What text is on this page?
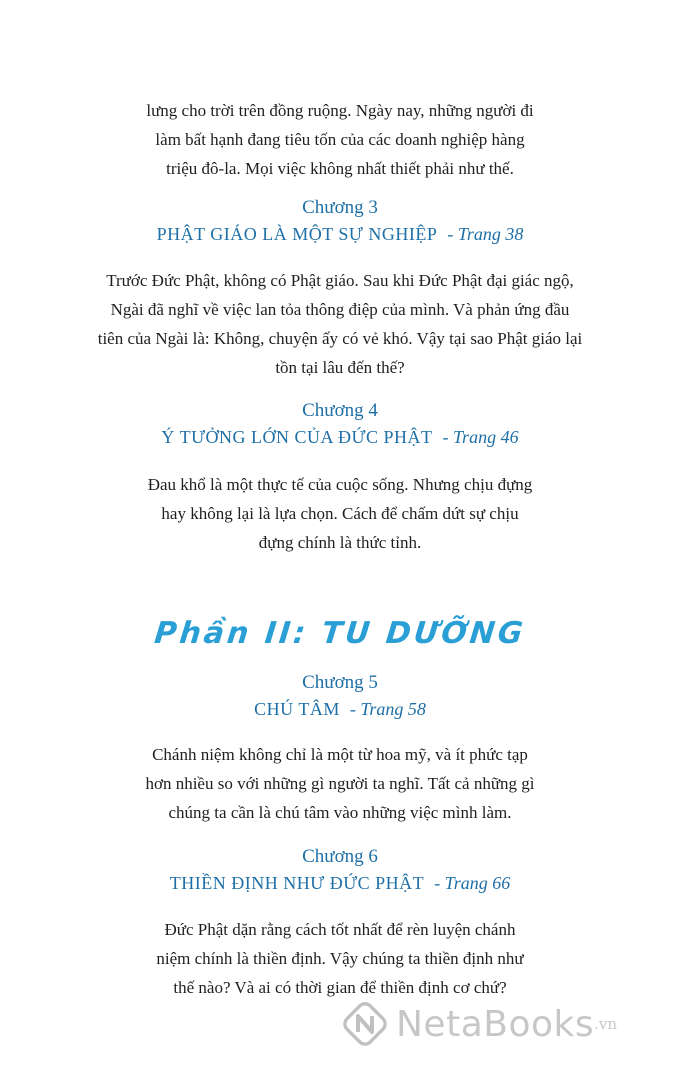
lưng cho trời trên đồng ruộng. Ngày nay, những người đi

làm bất hạnh đang tiêu tốn của các doanh nghiệp hàng

triệu đô-la. Mọi việc không nhất thiết phải như thế.

Chương 3

PHẬT GIÁO LÀ MỘT SỰ NGHIỆP - Trang 38

Trước Đức Phật, không có Phật giáo. Sau khi Đức Phật đại giác ngộ,

Ngài đã nghĩ về việc lan tỏa thông điệp của mình. Và phản ứng đầu

tiên của Ngài là: Không, chuyện ấy có vẻ khó. Vậy tại sao Phật giáo lại

tồn tại lâu đến thế?

Chương 4

Ý TƯỞNG LỚN CỦA ĐỨC PHẬT - Trang 46

Đau khổ là một thực tế của cuộc sống. Nhưng chịu đựng

hay không lại là lựa chọn. Cách để chấm dứt sự chịu

đựng chính là thức tỉnh.

Phần II: TU DƯỠNG

Chương 5

CHÚ TÂM - Trang 58

Chánh niệm không chỉ là một từ hoa mỹ, và ít phức tạp

hơn nhiều so với những gì người ta nghĩ. Tất cả những gì

chúng ta cần là chú tâm vào những việc mình làm.

Chương 6

THIỀN ĐỊNH NHƯ ĐỨC PHẬT - Trang 66

Đức Phật dặn rằng cách tốt nhất để rèn luyện chánh

niệm chính là thiền định. Vậy chúng ta thiền định như

thế nào? Và ai có thời gian để thiền định cơ chứ?

NetaBooks .vn
